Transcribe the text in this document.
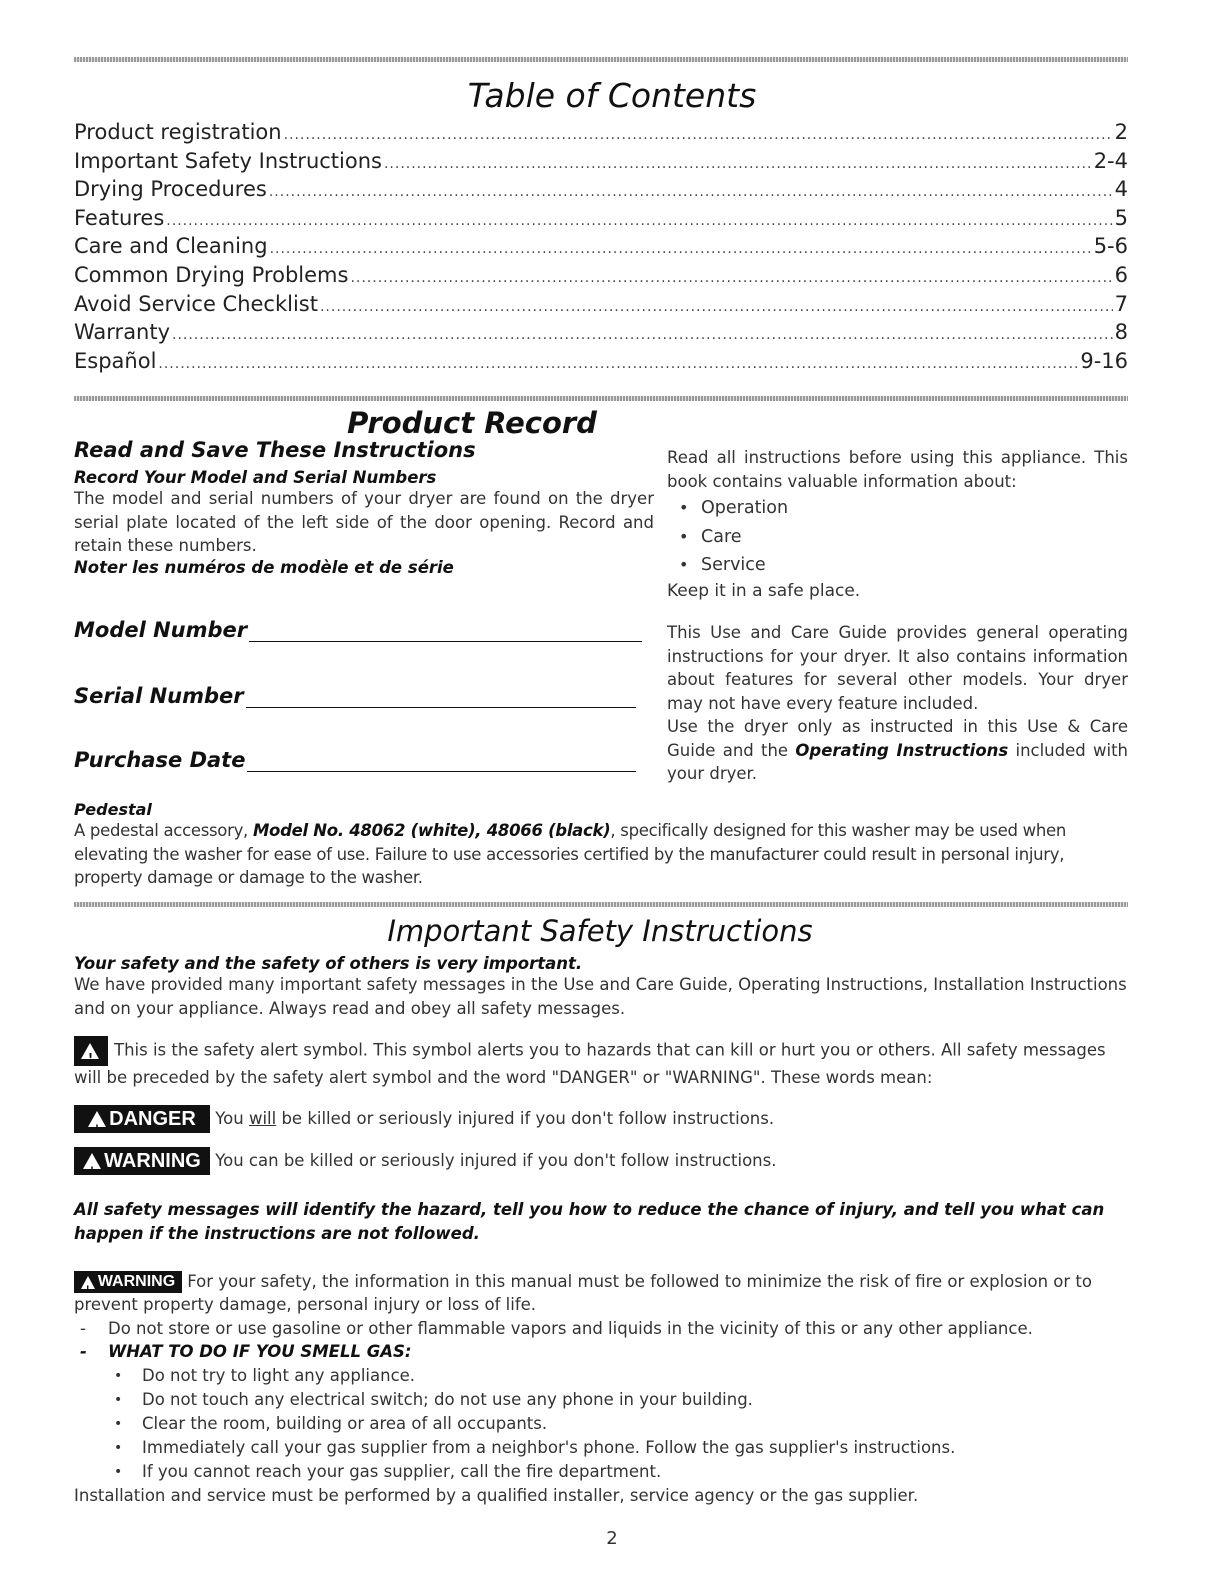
Table of Contents
Product registration .....	2
Important Safety Instructions .....	2-4
Drying Procedures .....	4
Features .....	5
Care and Cleaning .....	5-6
Common Drying Problems .....	6
Avoid Service Checklist .....	7
Warranty .....	8
Español .....	9-16
Product Record
Read and Save These Instructions
Record Your Model and Serial Numbers
The model and serial numbers of your dryer are found on the dryer serial plate located of the left side of the door opening. Record and retain these numbers.
Noter les numéros de modèle et de série
Model Number
Serial Number
Purchase Date
Read all instructions before using this appliance. This book contains valuable information about:
• Operation
• Care
• Service
Keep it in a safe place.
This Use and Care Guide provides general operating instructions for your dryer. It also contains information about features for several other models. Your dryer may not have every feature included.
Use the dryer only as instructed in this Use & Care Guide and the Operating Instructions included with your dryer.
Pedestal
A pedestal accessory, Model No. 48062 (white), 48066 (black), specifically designed for this washer may be used when elevating the washer for ease of use. Failure to use accessories certified by the manufacturer could result in personal injury, property damage or damage to the washer.
Important Safety Instructions
Your safety and the safety of others is very important.
We have provided many important safety messages in the Use and Care Guide, Operating Instructions, Installation Instructions and on your appliance. Always read and obey all safety messages.
!
This is the safety alert symbol. This symbol alerts you to hazards that can kill or hurt you or others. All safety messages will be preceded by the safety alert symbol and the word "DANGER" or "WARNING". These words mean:
!
DANGER You will be killed or seriously injured if you don't follow instructions.
!
WARNING You can be killed or seriously injured if you don't follow instructions.
All safety messages will identify the hazard, tell you how to reduce the chance of injury, and tell you what can happen if the instructions are not followed.
!
WARNING For your safety, the information in this manual must be followed to minimize the risk of fire or explosion or to prevent property damage, personal injury or loss of life.
- Do not store or use gasoline or other flammable vapors and liquids in the vicinity of this or any other appliance.
- WHAT TO DO IF YOU SMELL GAS:
• Do not try to light any appliance.
• Do not touch any electrical switch; do not use any phone in your building.
• Clear the room, building or area of all occupants.
• Immediately call your gas supplier from a neighbor's phone. Follow the gas supplier's instructions.
• If you cannot reach your gas supplier, call the fire department.
Installation and service must be performed by a qualified installer, service agency or the gas supplier.
2
